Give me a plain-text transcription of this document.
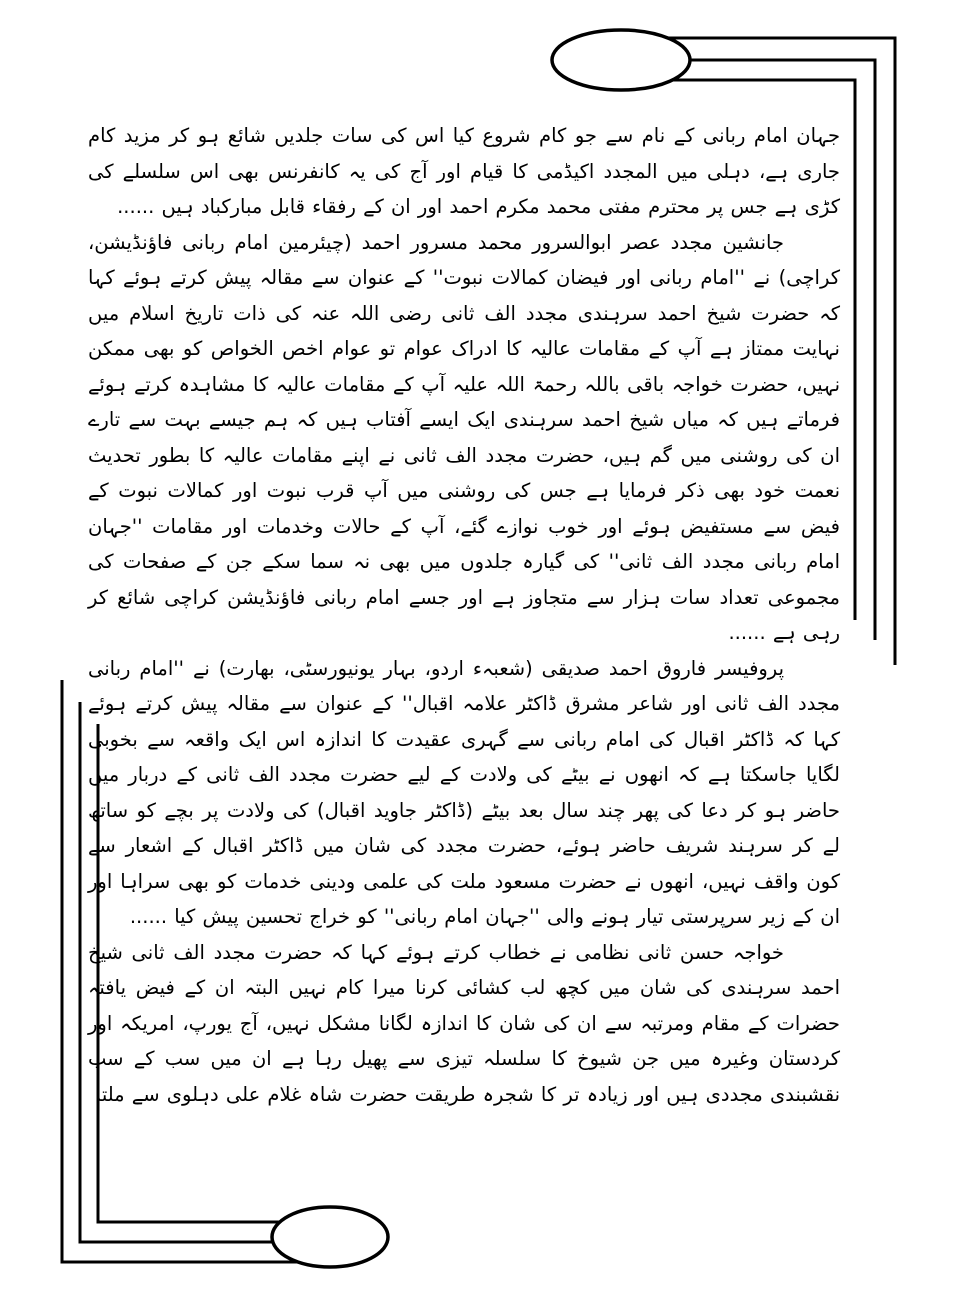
جہان امام ربانی کے نام سے جو کام شروع کیا اس کی سات جلدیں شائع ہو کر مزید کام جاری ہے، دہلی میں المجدد اکیڈمی کا قیام اور آج کی یہ کانفرنس بھی اس سلسلے کی کڑی ہے جس پر محترم مفتی محمد مکرم احمد اور ان کے رفقاء قابل مبارکباد ہیں ......

جانشین مجدد عصر ابوالسرور محمد مسرور احمد (چیئرمین امام ربانی فاؤنڈیشن، کراچی) نے ''امام ربانی اور فیضان کمالات نبوت'' کے عنوان سے مقالہ پیش کرتے ہوئے کہا کہ حضرت شیخ احمد سرہندی مجدد الف ثانی رضی اللہ عنہ کی ذات تاریخ اسلام میں نہایت ممتاز ہے آپ کے مقامات عالیہ کا ادراک عوام تو عوام اخص الخواص کو بھی ممکن نہیں، حضرت خواجہ باقی باللہ رحمۃ اللہ علیہ آپ کے مقامات عالیہ کا مشاہدہ کرتے ہوئے فرماتے ہیں کہ میاں شیخ احمد سرہندی ایک ایسے آفتاب ہیں کہ ہم جیسے بہت سے تارے ان کی روشنی میں گم ہیں، حضرت مجدد الف ثانی نے اپنے مقامات عالیہ کا بطور تحدیث نعمت خود بھی ذکر فرمایا ہے جس کی روشنی میں آپ قرب نبوت اور کمالات نبوت کے فیض سے مستفیض ہوئے اور خوب نوازے گئے، آپ کے حالات وخدمات اور مقامات ''جہان امام ربانی مجدد الف ثانی'' کی گیارہ جلدوں میں بھی نہ سما سکے جن کے صفحات کی مجموعی تعداد سات ہزار سے متجاوز ہے اور جسے امام ربانی فاؤنڈیشن کراچی شائع کر رہی ہے ......

پروفیسر فاروق احمد صدیقی (شعبہء اردو، بہار یونیورسٹی، بھارت) نے ''امام ربانی مجدد الف ثانی اور شاعر مشرق ڈاکٹر علامہ اقبال'' کے عنوان سے مقالہ پیش کرتے ہوئے کہا کہ ڈاکٹر اقبال کی امام ربانی سے گہری عقیدت کا اندازہ اس ایک واقعہ سے بخوبی لگایا جاسکتا ہے کہ انھوں نے بیٹے کی ولادت کے لیے حضرت مجدد الف ثانی کے دربار میں حاضر ہو کر دعا کی پھر چند سال بعد بیٹے (ڈاکٹر جاوید اقبال) کی ولادت پر بچے کو ساتھ لے کر سرہند شریف حاضر ہوئے، حضرت مجدد کی شان میں ڈاکٹر اقبال کے اشعار سے کون واقف نہیں، انھوں نے حضرت مسعود ملت کی علمی ودینی خدمات کو بھی سراہا اور ان کے زیر سرپرستی تیار ہونے والی ''جہان امام ربانی'' کو خراج تحسین پیش کیا ......

خواجہ حسن ثانی نظامی نے خطاب کرتے ہوئے کہا کہ حضرت مجدد الف ثانی شیخ احمد سرہندی کی شان میں کچھ لب کشائی کرنا میرا کام نہیں البتہ ان کے فیض یافتہ حضرات کے مقام ومرتبہ سے ان کی شان کا اندازہ لگانا مشکل نہیں، آج یورپ، امریکہ اور کردستان وغیرہ میں جن شیوخ کا سلسلہ تیزی سے پھیل رہا ہے ان میں سب کے سب نقشبندی مجددی ہیں اور زیادہ تر کا شجرہ طریقت حضرت شاہ غلام علی دہلوی سے ملتا
